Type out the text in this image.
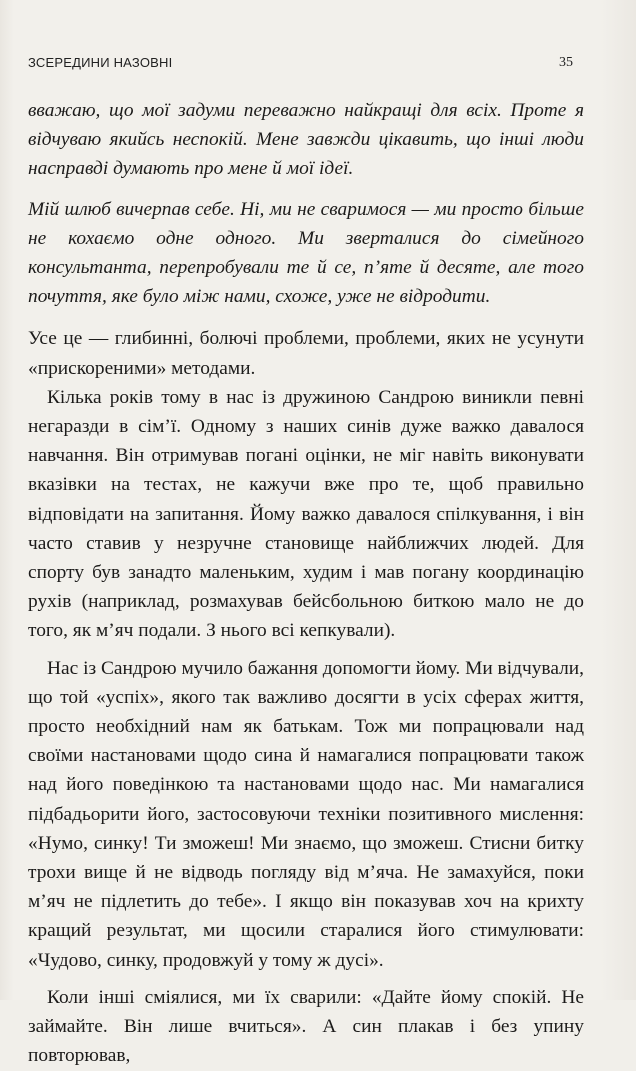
ЗСЕРЕДИНИ НАЗОВНІ	35

вважаю, що мої задуми переважно найкращі для всіх. Проте я відчуваю якийсь неспокій. Мене завжди цікавить, що інші люди насправді думають про мене й мої ідеї.

Мій шлюб вичерпав себе. Ні, ми не сваримося — ми просто більше не кохаємо одне одного. Ми зверталися до сімейного консультанта, перепробували те й се, п’яте й десяте, але того почуття, яке було між нами, схоже, уже не відродити.

Усе це — глибинні, болючі проблеми, проблеми, яких не усунути «прискореними» методами.

Кілька років тому в нас із дружиною Сандрою виникли певні негаразди в сім’ї. Одному з наших синів дуже важко давалося навчання. Він отримував погані оцінки, не міг навіть виконувати вказівки на тестах, не кажучи вже про те, щоб правильно відповідати на запитання. Йому важко давалося спілкування, і він часто ставив у незручне становище найближчих людей. Для спорту був занадто маленьким, худим і мав погану координацію рухів (наприклад, розмахував бейсбольною биткою мало не до того, як м’яч подали. З нього всі кепкували).

Нас із Сандрою мучило бажання допомогти йому. Ми відчували, що той «успіх», якого так важливо досягти в усіх сферах життя, просто необхідний нам як батькам. Тож ми попрацювали над своїми настановами щодо сина й намагалися попрацювати також над його поведінкою та настановами щодо нас. Ми намагалися підбадьорити його, застосовуючи техніки позитивного мислення: «Нумо, синку! Ти зможеш! Ми знаємо, що зможеш. Стисни битку трохи вище й не відводь погляду від м’яча. Не замахуйся, поки м’яч не підлетить до тебе». І якщо він показував хоч на крихту кращий результат, ми щосили старалися його стимулювати: «Чудово, синку, продовжуй у тому ж дусі».

Коли інші сміялися, ми їх сварили: «Дайте йому спокій. Не займайте. Він лише вчиться». А син плакав і без упину повторював,
